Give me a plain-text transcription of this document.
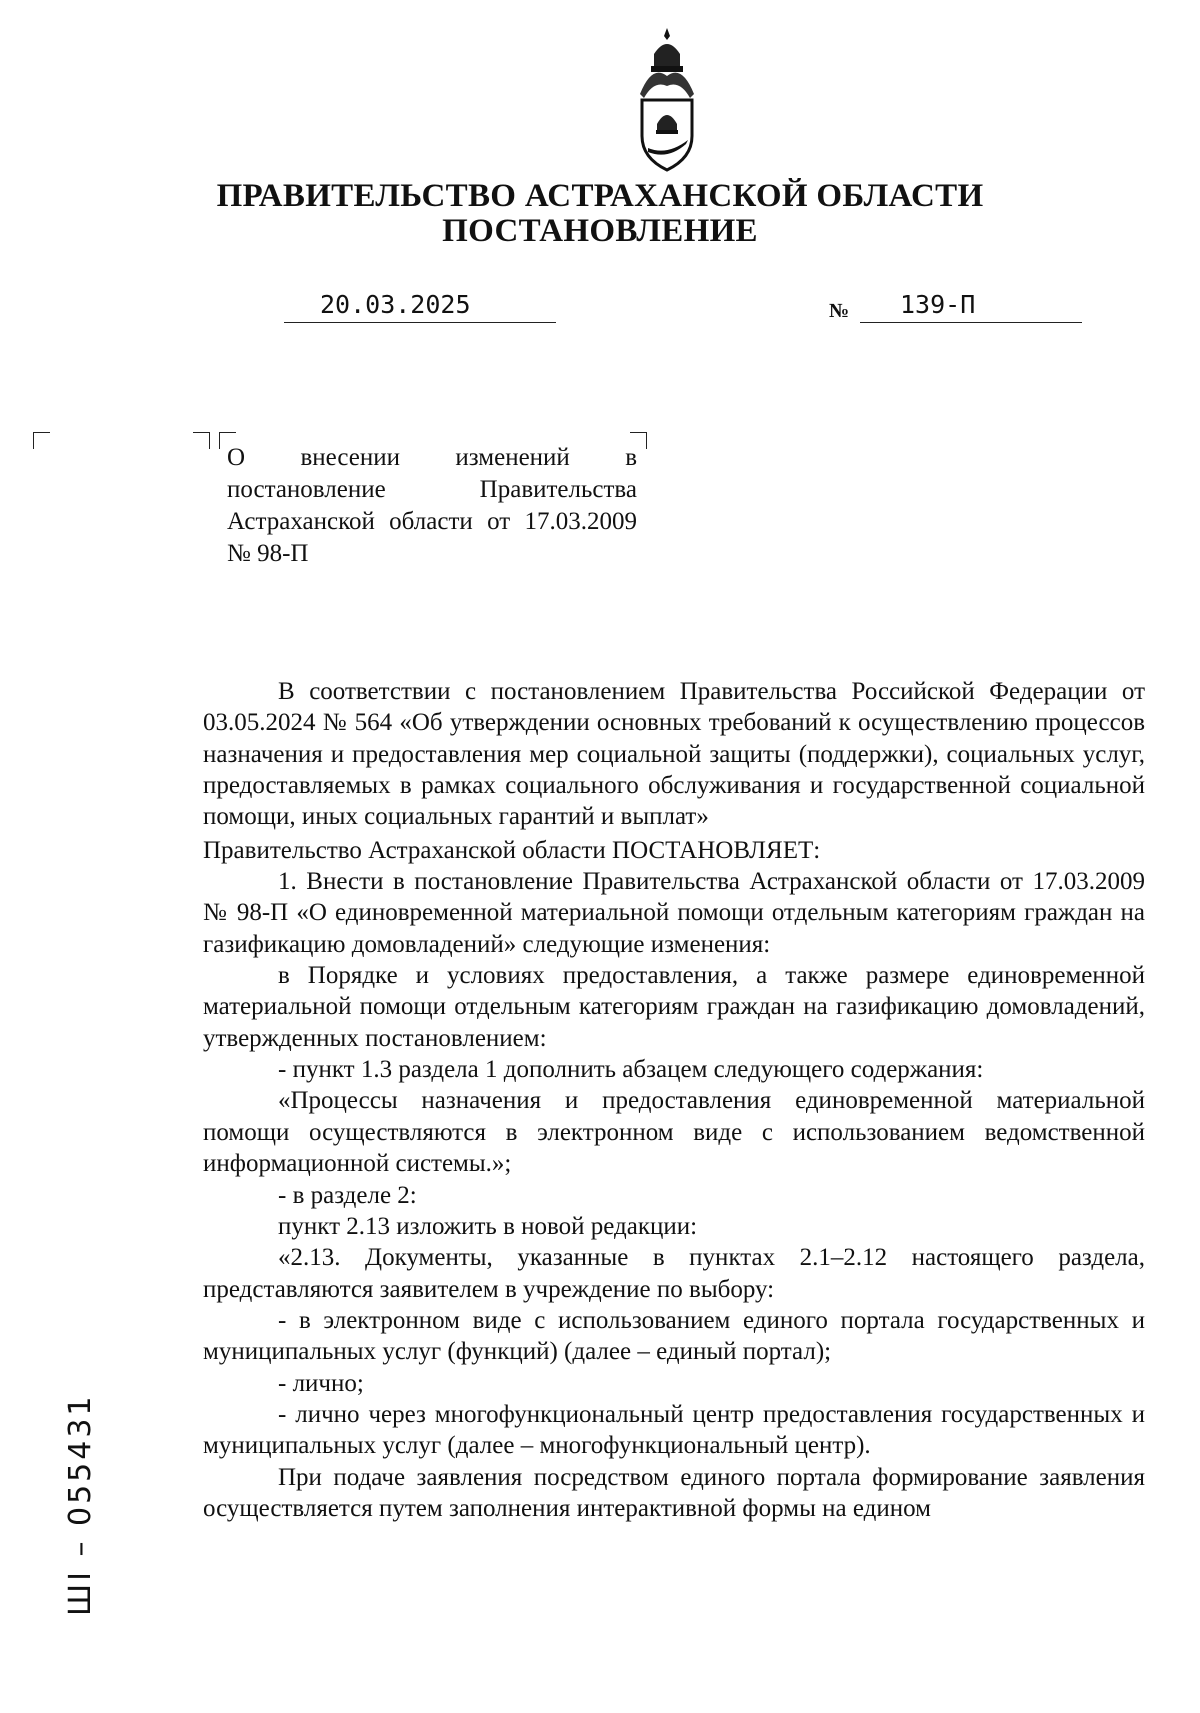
ПРАВИТЕЛЬСТВО АСТРАХАНСКОЙ ОБЛАСТИ
ПОСТАНОВЛЕНИЕ
20.03.2025	№ 139-П

О внесении изменений в постановление Правительства Астраханской области от 17.03.2009 № 98-П

В соответствии с постановлением Правительства Российской Федерации от 03.05.2024 № 564 «Об утверждении основных требований к осуществлению процессов назначения и предоставления мер социальной защиты (поддержки), социальных услуг, предоставляемых в рамках социального обслуживания и государственной социальной помощи, иных социальных гарантий и выплат»

Правительство Астраханской области ПОСТАНОВЛЯЕТ:

1. Внести в постановление Правительства Астраханской области от 17.03.2009 № 98-П «О единовременной материальной помощи отдельным категориям граждан на газификацию домовладений» следующие изменения:

в Порядке и условиях предоставления, а также размере единовременной материальной помощи отдельным категориям граждан на газификацию домовладений, утвержденных постановлением:

- пункт 1.3 раздела 1 дополнить абзацем следующего содержания:

«Процессы назначения и предоставления единовременной материальной помощи осуществляются в электронном виде с использованием ведомственной информационной системы.»;

- в разделе 2:

пункт 2.13 изложить в новой редакции:

«2.13. Документы, указанные в пунктах 2.1–2.12 настоящего раздела, представляются заявителем в учреждение по выбору:

- в электронном виде с использованием единого портала государственных и муниципальных услуг (функций) (далее – единый портал);

- лично;

- лично через многофункциональный центр предоставления государственных и муниципальных услуг (далее – многофункциональный центр).

При подаче заявления посредством единого портала формирование заявления осуществляется путем заполнения интерактивной формы на едином

ШI – 055431
